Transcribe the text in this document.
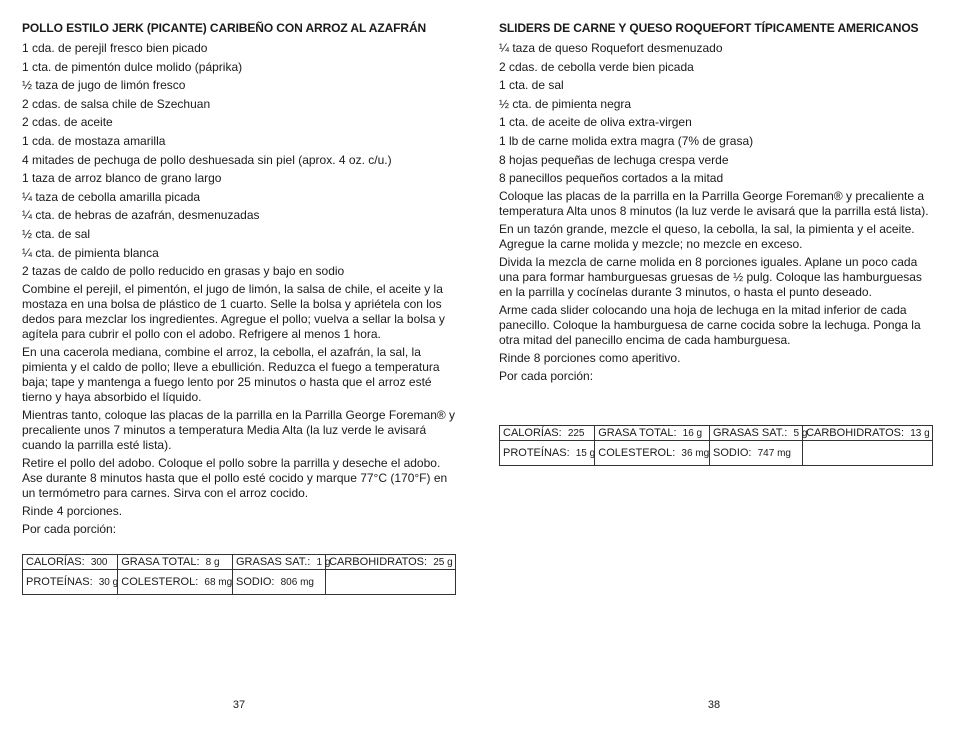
POLLO ESTILO JERK (PICANTE) CARIBEÑO CON ARROZ AL AZAFRÁN
1 cda. de perejil fresco bien picado
1 cta. de pimentón dulce molido (páprika)
½ taza de jugo de limón fresco
2 cdas. de salsa chile de Szechuan
2 cdas. de aceite
1 cda. de mostaza amarilla
4 mitades de pechuga de pollo deshuesada sin piel (aprox. 4 oz. c/u.)
1 taza de arroz blanco de grano largo
¼ taza de cebolla amarilla picada
¼ cta. de hebras de azafrán, desmenuzadas
½ cta. de sal
¼ cta. de pimienta blanca
2 tazas de caldo de pollo reducido en grasas y bajo en sodio

Combine el perejil, el pimentón, el jugo de limón, la salsa de chile, el aceite y la mostaza en una bolsa de plástico de 1 cuarto. Selle la bolsa y apriétela con los dedos para mezclar los ingredientes. Agregue el pollo; vuelva a sellar la bolsa y agítela para cubrir el pollo con el adobo. Refrigere al menos 1 hora.

En una cacerola mediana, combine el arroz, la cebolla, el azafrán, la sal, la pimienta y el caldo de pollo; lleve a ebullición. Reduzca el fuego a temperatura baja; tape y mantenga a fuego lento por 25 minutos o hasta que el arroz esté tierno y haya absorbido el líquido.

Mientras tanto, coloque las placas de la parrilla en la Parrilla George Foreman® y precaliente unos 7 minutos a temperatura Media Alta (la luz verde le avisará cuando la parrilla esté lista).

Retire el pollo del adobo. Coloque el pollo sobre la parrilla y deseche el adobo. Ase durante 8 minutos hasta que el pollo esté cocido y marque 77°C (170°F) en un termómetro para carnes. Sirva con el arroz cocido.

Rinde 4 porciones.

Por cada porción:

CALORÍAS: 300	GRASA TOTAL: 8 g	GRASAS SAT.: 1 g	CARBOHIDRATOS: 25 g
PROTEÍNAS: 30 g	COLESTEROL: 68 mg	SODIO: 806 mg	
37
SLIDERS DE CARNE Y QUESO ROQUEFORT TÍPICAMENTE AMERICANOS
¼ taza de queso Roquefort desmenuzado
2 cdas. de cebolla verde bien picada
1 cta. de sal
½ cta. de pimienta negra
1 cta. de aceite de oliva extra-virgen
1 lb de carne molida extra magra (7% de grasa)
8 hojas pequeñas de lechuga crespa verde
8 panecillos pequeños cortados a la mitad

Coloque las placas de la parrilla en la Parrilla George Foreman® y precaliente a temperatura Alta unos 8 minutos (la luz verde le avisará que la parrilla está lista).

En un tazón grande, mezcle el queso, la cebolla, la sal, la pimienta y el aceite. Agregue la carne molida y mezcle; no mezcle en exceso.

Divida la mezcla de carne molida en 8 porciones iguales. Aplane un poco cada una para formar hamburguesas gruesas de ½ pulg. Coloque las hamburguesas en la parrilla y cocínelas durante 3 minutos, o hasta el punto deseado.

Arme cada slider colocando una hoja de lechuga en la mitad inferior de cada panecillo. Coloque la hamburguesa de carne cocida sobre la lechuga. Ponga la otra mitad del panecillo encima de cada hamburguesa.

Rinde 8 porciones como aperitivo.

Por cada porción:

CALORÍAS: 225	GRASA TOTAL: 16 g	GRASAS SAT.: 5 g	CARBOHIDRATOS: 13 g
PROTEÍNAS: 15 g	COLESTEROL: 36 mg	SODIO: 747 mg	
38
